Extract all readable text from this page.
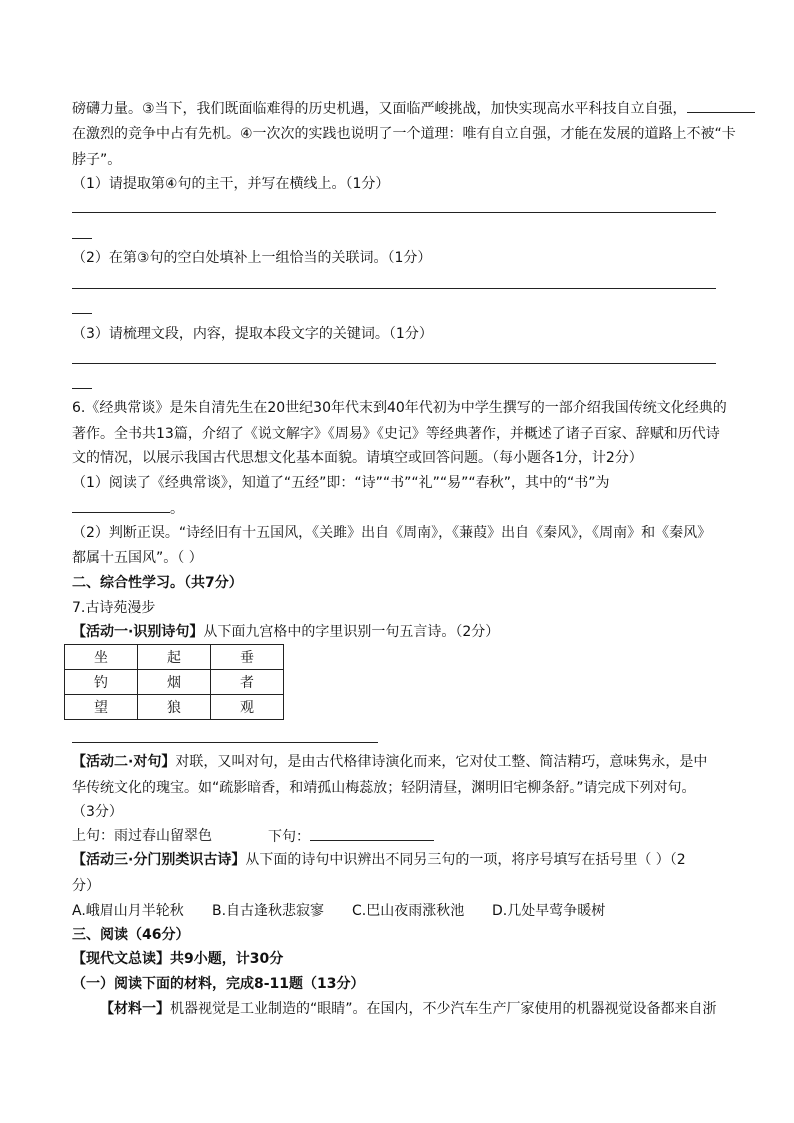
磅礴力量。③当下，我们既面临难得的历史机遇，又面临严峻挑战，加快实现高水平科技自立自强，
在激烈的竞争中占有先机。④一次次的实践也说明了一个道理：唯有自立自强，才能在发展的道路上不被“卡
脖子”。
（1）请提取第④句的主干，并写在横线上。（1分）
（2）在第③句的空白处填补上一组恰当的关联词。（1分）
（3）请梳理文段，内容，提取本段文字的关键词。（1分）
6.《经典常谈》是朱自清先生在20世纪30年代末到40年代初为中学生撰写的一部介绍我国传统文化经典的
著作。全书共13篇，介绍了《说文解字》《周易》《史记》等经典著作，并概述了诸子百家、辞赋和历代诗
文的情况，以展示我国古代思想文化基本面貌。请填空或回答问题。（每小题各1分，计2分）
（1）阅读了《经典常谈》，知道了“五经”即：“诗”“书”“礼”“易”“春秋”，其中的“书”为
。
（2）判断正误。“诗经旧有十五国风，《关雎》出自《周南》，《蒹葭》出自《秦风》，《周南》和《秦风》
都属十五国风”。（ ）
二、综合性学习。（共7分）
7.古诗苑漫步
【活动一·识别诗句】从下面九宫格中的字里识别一句五言诗。（2分）
坐	起	垂
钓	烟	者
望	狼	观
【活动二·对句】对联，又叫对句，是由古代格律诗演化而来，它对仗工整、简洁精巧，意味隽永，是中
华传统文化的瑰宝。如“疏影暗香，和靖孤山梅蕊放；轻阴清昼，渊明旧宅柳条舒。”请完成下列对句。
（3分）
上句：雨过春山留翠色	下句：
【活动三·分门别类识古诗】从下面的诗句中识辨出不同另三句的一项，将序号填写在括号里（ ）（2
分）
A.峨眉山月半轮秋 B.自古逢秋悲寂寥 C.巴山夜雨涨秋池 D.几处早莺争暖树
三、阅读（46分）
【现代文总读】共9小题，计30分
（一）阅读下面的材料，完成8-11题（13分）
【材料一】机器视觉是工业制造的“眼睛”。在国内，不少汽车生产厂家使用的机器视觉设备都来自浙
